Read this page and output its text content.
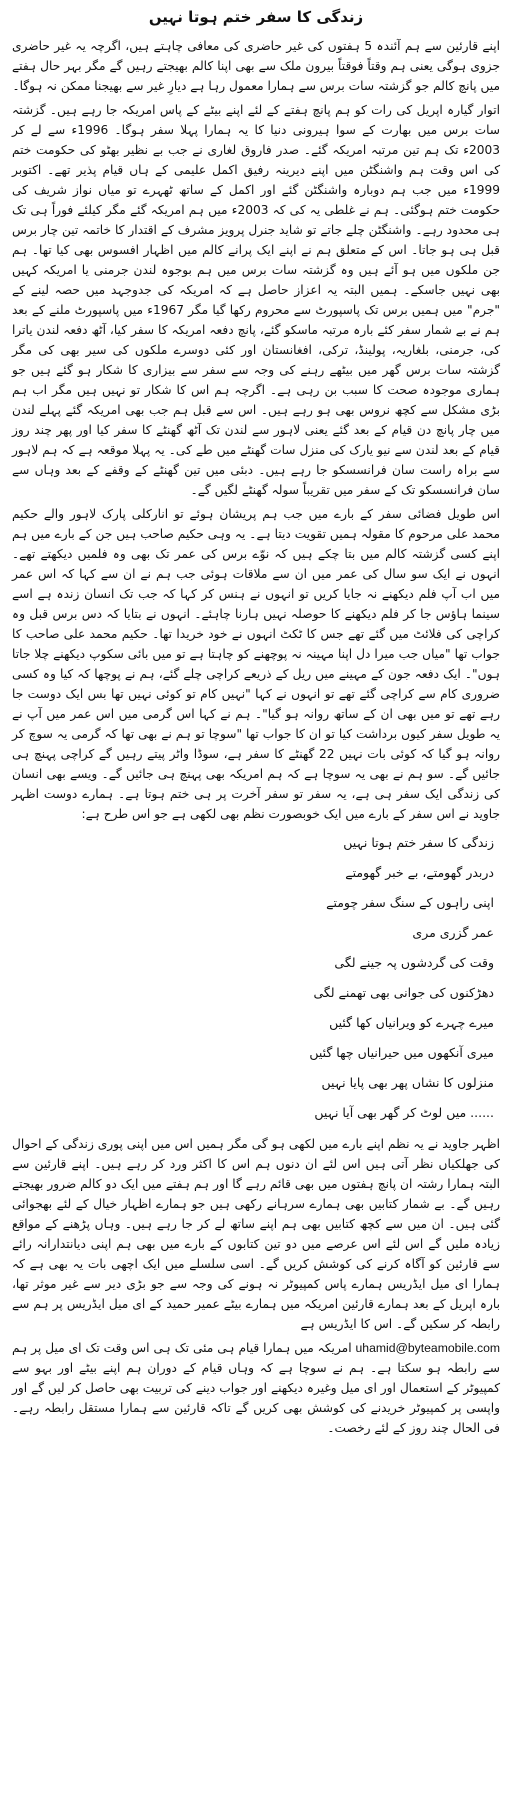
زندگی کا سفر ختم ہوتا نہیں

اپنے قارئین سے ہم آئندہ 5 ہفتوں کی غیر حاضری کی معافی چاہتے ہیں، اگرچہ یہ غیر حاضری جزوی ہوگی یعنی ہم وقتاً فوقتاً بیرون ملک سے بھی اپنا کالم بھیجتے رہیں گے مگر بہر حال ہفتے میں پانچ کالم جو گزشتہ سات برس سے ہمارا معمول رہا ہے دیارِ غیر سے بھیجنا ممکن نہ ہوگا۔

اتوار گیارہ اپریل کی رات کو ہم پانچ ہفتے کے لئے اپنے بیٹے کے پاس امریکہ جا رہے ہیں۔ گزشتہ سات برس میں بھارت کے سوا ہیرونی دنیا کا یہ ہمارا پہلا سفر ہوگا۔ 1996ء سے لے کر 2003ء تک ہم تین مرتبہ امریکہ گئے۔ صدر فاروق لغاری نے جب بے نظیر بھٹو کی حکومت ختم کی اس وقت ہم واشنگٹن میں اپنے دیرینہ رفیق اکمل علیمی کے ہاں قیام پذیر تھے۔ اکتوبر 1999ء میں جب ہم دوبارہ واشنگٹن گئے اور اکمل کے ساتھ ٹھہرے تو میاں نواز شریف کی حکومت ختم ہوگئی۔ ہم نے غلطی یہ کی کہ 2003ء میں ہم امریکہ گئے مگر کیلئے فوراً ہی تک ہی محدود رہے۔ واشنگٹن چلے جاتے تو شاید جنرل پرویز مشرف کے اقتدار کا خاتمہ تین چار برس قبل ہی ہو جاتا۔ اس کے متعلق ہم نے اپنے ایک پرانے کالم میں اظہار افسوس بھی کیا تھا۔ ہم جن ملکوں میں ہو آئے ہیں وہ گزشتہ سات برس میں ہم بوجوہ لندن جرمنی یا امریکہ کہیں بھی نہیں جاسکے۔ ہمیں البتہ یہ اعزاز حاصل ہے کہ امریکہ کی جدوجہد میں حصہ لینے کے "جرم" میں ہمیں برس تک پاسپورٹ سے محروم رکھا گیا مگر 1967ء میں پاسپورٹ ملنے کے بعد ہم نے بے شمار سفر کئے بارہ مرتبہ ماسکو گئے، پانچ دفعہ امریکہ کا سفر کیا، آٹھ دفعہ لندن یاترا کی، جرمنی، بلغاریہ، پولینڈ، ترکی، افغانستان اور کئی دوسرے ملکوں کی سیر بھی کی مگر گزشتہ سات برس گھر میں بیٹھے رہنے کی وجہ سے سفر سے بیزاری کا شکار ہو گئے ہیں جو ہماری موجودہ صحت کا سبب بن رہی ہے۔ اگرچہ ہم اس کا شکار تو نہیں ہیں مگر اب ہم بڑی مشکل سے کچھ نروس بھی ہو رہے ہیں۔ اس سے قبل ہم جب بھی امریکہ گئے پہلے لندن میں چار پانچ دن قیام کے بعد گئے یعنی لاہور سے لندن تک آٹھ گھنٹے کا سفر کیا اور پھر چند روز قیام کے بعد لندن سے نیو یارک کی منزل سات گھنٹے میں طے کی۔ یہ پہلا موقعہ ہے کہ ہم لاہور سے براہ راست سان فرانسسکو جا رہے ہیں۔ دبئی میں تین گھنٹے کے وقفے کے بعد وہاں سے سان فرانسسکو تک کے سفر میں تقریباً سولہ گھنٹے لگیں گے۔

اس طویل فضائی سفر کے بارے میں جب ہم پریشان ہوئے تو انارکلی پارک لاہور والے حکیم محمد علی مرحوم کا مقولہ ہمیں تقویت دیتا ہے۔ یہ وہی حکیم صاحب ہیں جن کے بارے میں ہم اپنے کسی گزشتہ کالم میں بتا چکے ہیں کہ نوّے برس کی عمر تک بھی وہ فلمیں دیکھتے تھے۔ انہوں نے ایک سو سال کی عمر میں ان سے ملاقات ہوئی جب ہم نے ان سے کہا کہ اس عمر میں اب آپ فلم دیکھنے نہ جایا کریں تو انہوں نے ہنس کر کہا کہ جب تک انسان زندہ ہے اسے سینما ہاؤس جا کر فلم دیکھنے کا حوصلہ نہیں ہارنا چاہئے۔ انہوں نے بتایا کہ دس برس قبل وہ کراچی کی فلائٹ میں گئے تھے جس کا ٹکٹ انہوں نے خود خریدا تھا۔ حکیم محمد علی صاحب کا جواب تھا "میاں جب میرا دل اپنا مہینہ نہ پوچھنے کو چاہتا ہے تو میں بائی سکوپ دیکھنے چلا جاتا ہوں"۔ ایک دفعہ جون کے مہینے میں ریل کے ذریعے کراچی چلے گئے، ہم نے پوچھا کہ کیا وہ کسی ضروری کام سے کراچی گئے تھے تو انہوں نے کہا "نہیں کام تو کوئی نہیں تھا بس ایک دوست جا رہے تھے تو میں بھی ان کے ساتھ روانہ ہو گیا"۔ ہم نے کہا اس گرمی میں اس عمر میں آپ نے یہ طویل سفر کیوں برداشت کیا تو ان کا جواب تھا "سوچا تو ہم نے بھی تھا کہ گرمی یہ سوچ کر روانہ ہو گیا کہ کوئی بات نہیں 22 گھنٹے کا سفر ہے، سوڈا واٹر پیتے رہیں گے کراچی پہنچ ہی جائیں گے۔ سو ہم نے بھی یہ سوچا ہے کہ ہم امریکہ بھی پہنچ ہی جائیں گے۔ ویسے بھی انسان کی زندگی ایک سفر ہی ہے، یہ سفر تو سفر آخرت پر ہی ختم ہوتا ہے۔ ہمارے دوست اظہر جاوید نے اس سفر کے بارے میں ایک خوبصورت نظم بھی لکھی ہے جو اس طرح ہے:

زندگی کا سفر ختم ہوتا نہیں
دربدر گھومتے، بے خبر گھومتے
اپنی راہوں کے سنگ سفر چومتے
عمر گزری مری
وقت کی گردشوں پہ جینے لگی
دھڑکنوں کی جوانی بھی تھمنے لگی
میرے چہرے کو ویرانیاں کھا گئیں
میری آنکھوں میں حیرانیاں چھا گئیں
منزلوں کا نشاں پھر بھی پایا نہیں
...... میں لوٹ کر گھر بھی آیا نہیں

اظہر جاوید نے یہ نظم اپنے بارے میں لکھی ہو گی مگر ہمیں اس میں اپنی پوری زندگی کے احوال کی جھلکیاں نظر آتی ہیں اس لئے ان دنوں ہم اس کا اکثر ورد کر رہے ہیں۔ اپنے قارئین سے البتہ ہمارا رشتہ ان پانچ ہفتوں میں بھی قائم رہے گا اور ہم ہفتے میں ایک دو کالم ضرور بھیجتے رہیں گے۔ بے شمار کتابیں بھی ہمارے سرہانے رکھی ہیں جو ہمارے اظہار خیال کے لئے بھجوائی گئی ہیں۔ ان میں سے کچھ کتابیں بھی ہم اپنے ساتھ لے کر جا رہے ہیں۔ وہاں پڑھنے کے مواقع زیادہ ملیں گے اس لئے اس عرصے میں دو تین کتابوں کے بارے میں بھی ہم اپنی دیانتدارانہ رائے سے قارئین کو آگاہ کرنے کی کوشش کریں گے۔ اسی سلسلے میں ایک اچھی بات یہ بھی ہے کہ ہمارا ای میل ایڈریس ہمارے پاس کمپیوٹر نہ ہونے کی وجہ سے جو بڑی دیر سے غیر موثر تھا، بارہ اپریل کے بعد ہمارے قارئین امریکہ میں ہمارے بیٹے عمیر حمید کے ای میل ایڈریس پر ہم سے رابطہ کر سکیں گے۔ اس کا ایڈریس ہے

uhamid@byteamobile.com امریکہ میں ہمارا قیام ہی مئی تک ہی اس وقت تک ای میل پر ہم سے رابطہ ہو سکتا ہے۔ ہم نے سوچا ہے کہ وہاں قیام کے دوران ہم اپنے بیٹے اور بہو سے کمپیوٹر کے استعمال اور ای میل وغیرہ دیکھنے اور جواب دینے کی تربیت بھی حاصل کر لیں گے اور واپسی پر کمپیوٹر خریدنے کی کوشش بھی کریں گے تاکہ قارئین سے ہمارا مستقل رابطہ رہے۔ فی الحال چند روز کے لئے رخصت۔
